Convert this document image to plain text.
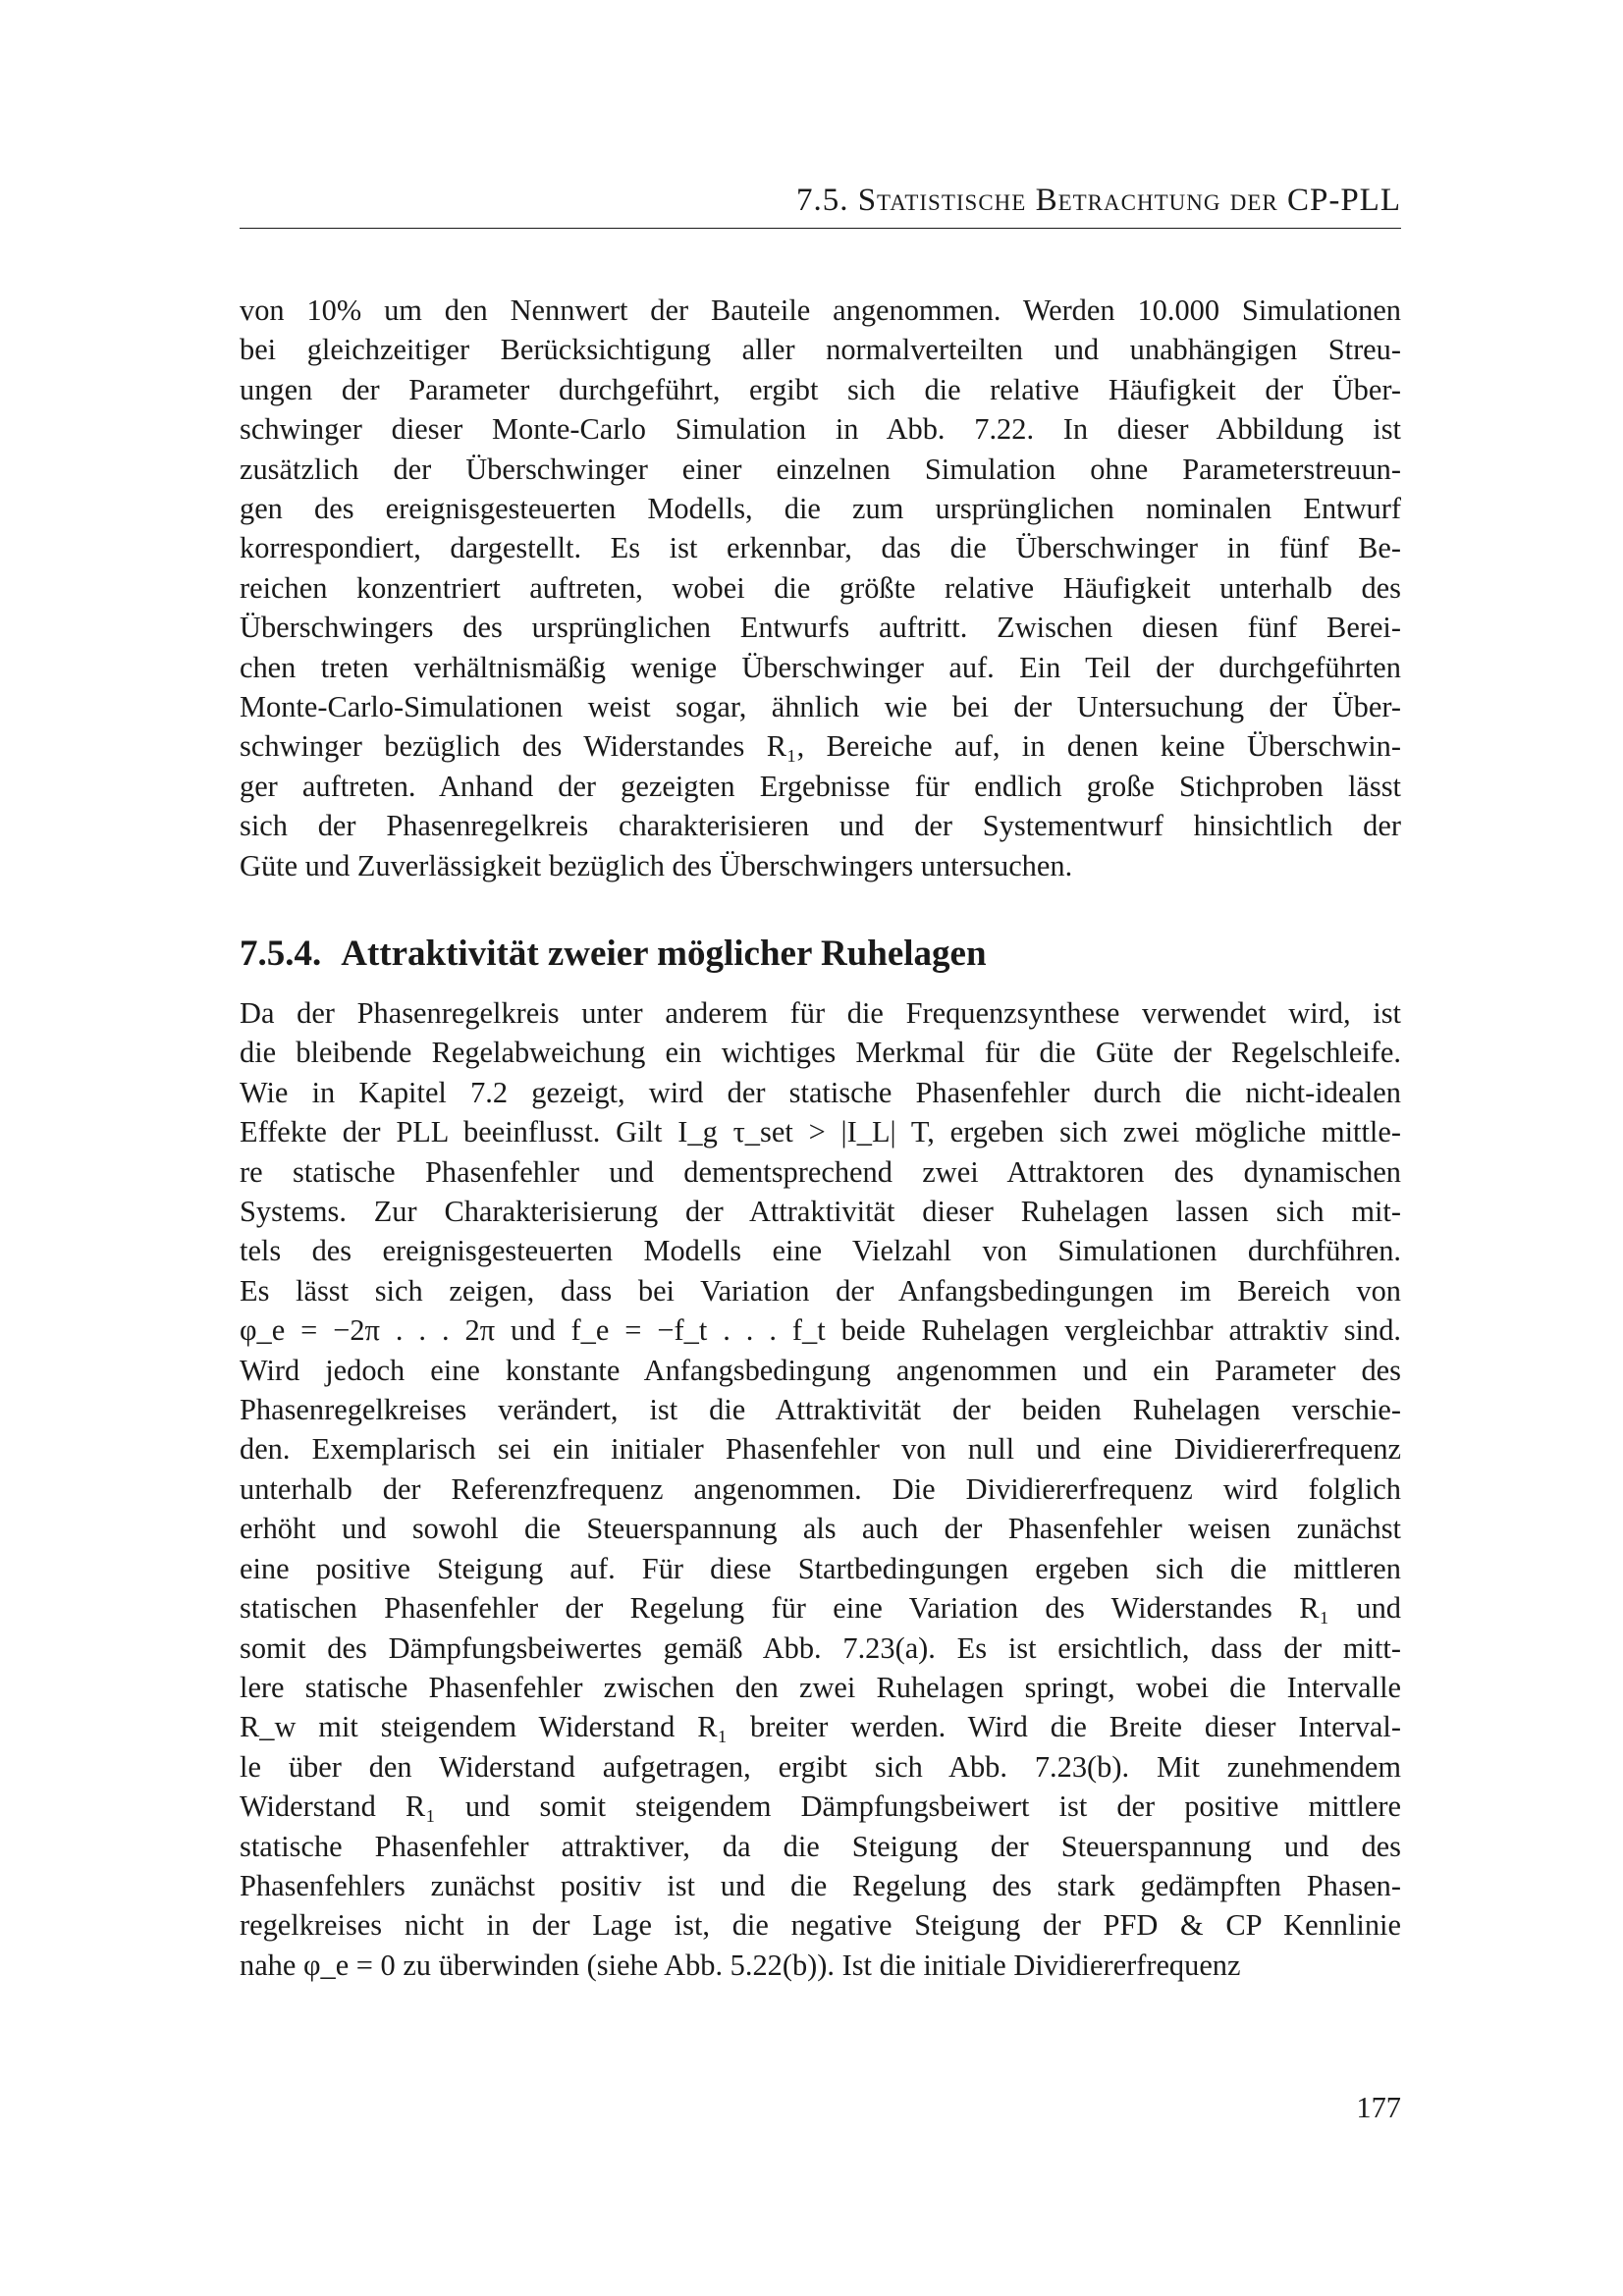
7.5. Statistische Betrachtung der CP-PLL
von 10% um den Nennwert der Bauteile angenommen. Werden 10.000 Simulationen
bei gleichzeitiger Berücksichtigung aller normalverteilten und unabhängigen Streu-
ungen der Parameter durchgeführt, ergibt sich die relative Häufigkeit der Über-
schwinger dieser Monte-Carlo Simulation in Abb. 7.22. In dieser Abbildung ist
zusätzlich der Überschwinger einer einzelnen Simulation ohne Parameterstreuun-
gen des ereignisgesteuerten Modells, die zum ursprünglichen nominalen Entwurf
korrespondiert, dargestellt. Es ist erkennbar, das die Überschwinger in fünf Be-
reichen konzentriert auftreten, wobei die größte relative Häufigkeit unterhalb des
Überschwingers des ursprünglichen Entwurfs auftritt. Zwischen diesen fünf Berei-
chen treten verhältnismäßig wenige Überschwinger auf. Ein Teil der durchgeführten
Monte-Carlo-Simulationen weist sogar, ähnlich wie bei der Untersuchung der Über-
schwinger bezüglich des Widerstandes R₁, Bereiche auf, in denen keine Überschwin-
ger auftreten. Anhand der gezeigten Ergebnisse für endlich große Stichproben lässt
sich der Phasenregelkreis charakterisieren und der Systementwurf hinsichtlich der
Güte und Zuverlässigkeit bezüglich des Überschwingers untersuchen.
7.5.4. Attraktivität zweier möglicher Ruhelagen
Da der Phasenregelkreis unter anderem für die Frequenzsynthese verwendet wird, ist
die bleibende Regelabweichung ein wichtiges Merkmal für die Güte der Regelschleife.
Wie in Kapitel 7.2 gezeigt, wird der statische Phasenfehler durch die nicht-idealen
Effekte der PLL beeinflusst. Gilt I_g τ_set > |I_L| T, ergeben sich zwei mögliche mittle-
re statische Phasenfehler und dementsprechend zwei Attraktoren des dynamischen
Systems. Zur Charakterisierung der Attraktivität dieser Ruhelagen lassen sich mit-
tels des ereignisgesteuerten Modells eine Vielzahl von Simulationen durchführen.
Es lässt sich zeigen, dass bei Variation der Anfangsbedingungen im Bereich von
φ_e = −2π . . . 2π und f_e = −f_t . . . f_t beide Ruhelagen vergleichbar attraktiv sind.
Wird jedoch eine konstante Anfangsbedingung angenommen und ein Parameter des
Phasenregelkreises verändert, ist die Attraktivität der beiden Ruhelagen verschie-
den. Exemplarisch sei ein initialer Phasenfehler von null und eine Dividiererfrequenz
unterhalb der Referenzfrequenz angenommen. Die Dividiererfrequenz wird folglich
erhöht und sowohl die Steuerspannung als auch der Phasenfehler weisen zunächst
eine positive Steigung auf. Für diese Startbedingungen ergeben sich die mittleren
statischen Phasenfehler der Regelung für eine Variation des Widerstandes R₁ und
somit des Dämpfungsbeiwertes gemäß Abb. 7.23(a). Es ist ersichtlich, dass der mitt-
lere statische Phasenfehler zwischen den zwei Ruhelagen springt, wobei die Intervalle
R_w mit steigendem Widerstand R₁ breiter werden. Wird die Breite dieser Interval-
le über den Widerstand aufgetragen, ergibt sich Abb. 7.23(b). Mit zunehmendem
Widerstand R₁ und somit steigendem Dämpfungsbeiwert ist der positive mittlere
statische Phasenfehler attraktiver, da die Steigung der Steuerspannung und des
Phasenfehlers zunächst positiv ist und die Regelung des stark gedämpften Phasen-
regelkreises nicht in der Lage ist, die negative Steigung der PFD & CP Kennlinie
nahe φ_e = 0 zu überwinden (siehe Abb. 5.22(b)). Ist die initiale Dividiererfrequenz
177
